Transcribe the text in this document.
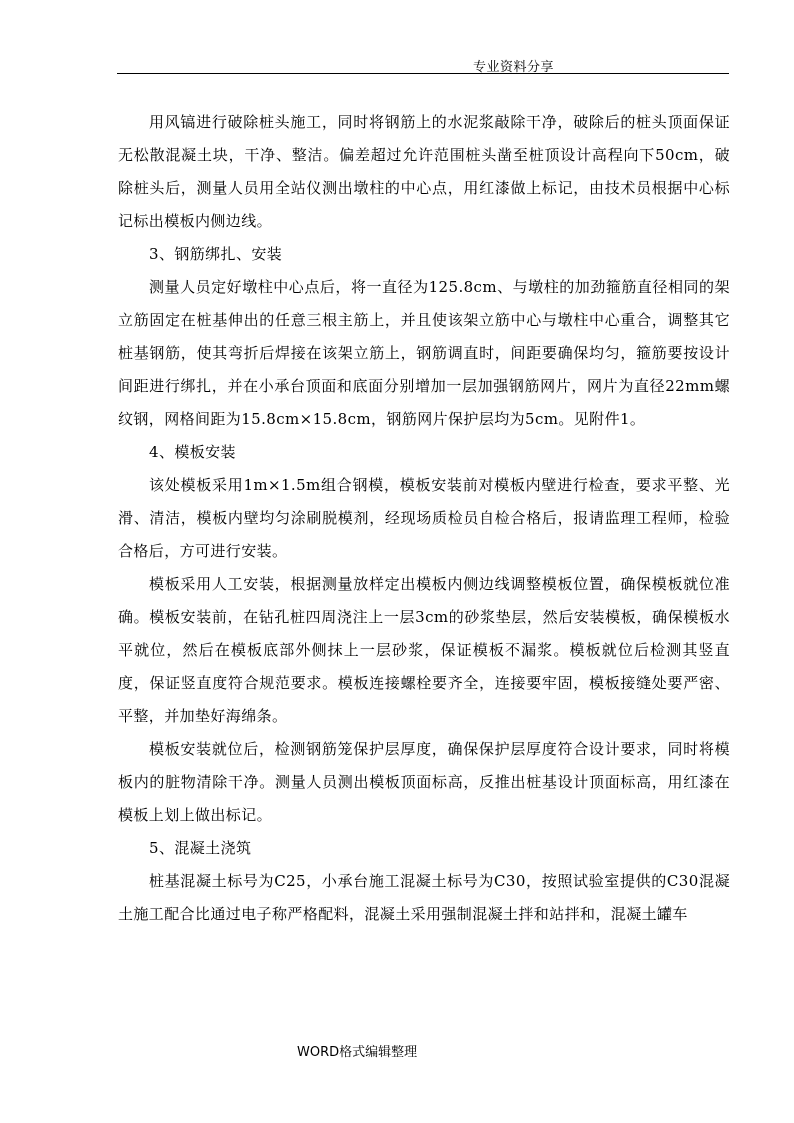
专业资料分享

用风镐进行破除桩头施工，同时将钢筋上的水泥浆敲除干净，破除后的桩头顶面保证无松散混凝土块，干净、整洁。偏差超过允许范围桩头凿至桩顶设计高程向下50cm，破除桩头后，测量人员用全站仪测出墩柱的中心点，用红漆做上标记，由技术员根据中心标记标出模板内侧边线。

3、钢筋绑扎、安装

测量人员定好墩柱中心点后，将一直径为125.8cm、与墩柱的加劲箍筋直径相同的架立筋固定在桩基伸出的任意三根主筋上，并且使该架立筋中心与墩柱中心重合，调整其它桩基钢筋，使其弯折后焊接在该架立筋上，钢筋调直时，间距要确保均匀，箍筋要按设计间距进行绑扎，并在小承台顶面和底面分别增加一层加强钢筋网片，网片为直径22mm螺纹钢，网格间距为15.8cm×15.8cm，钢筋网片保护层均为5cm。见附件1。

4、模板安装

该处模板采用1m×1.5m组合钢模，模板安装前对模板内壁进行检查，要求平整、光滑、清洁，模板内壁均匀涂刷脱模剂，经现场质检员自检合格后，报请监理工程师，检验合格后，方可进行安装。

模板采用人工安装，根据测量放样定出模板内侧边线调整模板位置，确保模板就位准确。模板安装前，在钻孔桩四周浇注上一层3cm的砂浆垫层，然后安装模板，确保模板水平就位，然后在模板底部外侧抹上一层砂浆，保证模板不漏浆。模板就位后检测其竖直度，保证竖直度符合规范要求。模板连接螺栓要齐全，连接要牢固，模板接缝处要严密、平整，并加垫好海绵条。

模板安装就位后，检测钢筋笼保护层厚度，确保保护层厚度符合设计要求，同时将模板内的脏物清除干净。测量人员测出模板顶面标高，反推出桩基设计顶面标高，用红漆在模板上划上做出标记。

5、混凝土浇筑

桩基混凝土标号为C25，小承台施工混凝土标号为C30，按照试验室提供的C30混凝土施工配合比通过电子称严格配料，混凝土采用强制混凝土拌和站拌和，混凝土罐车

WORD格式编辑整理
